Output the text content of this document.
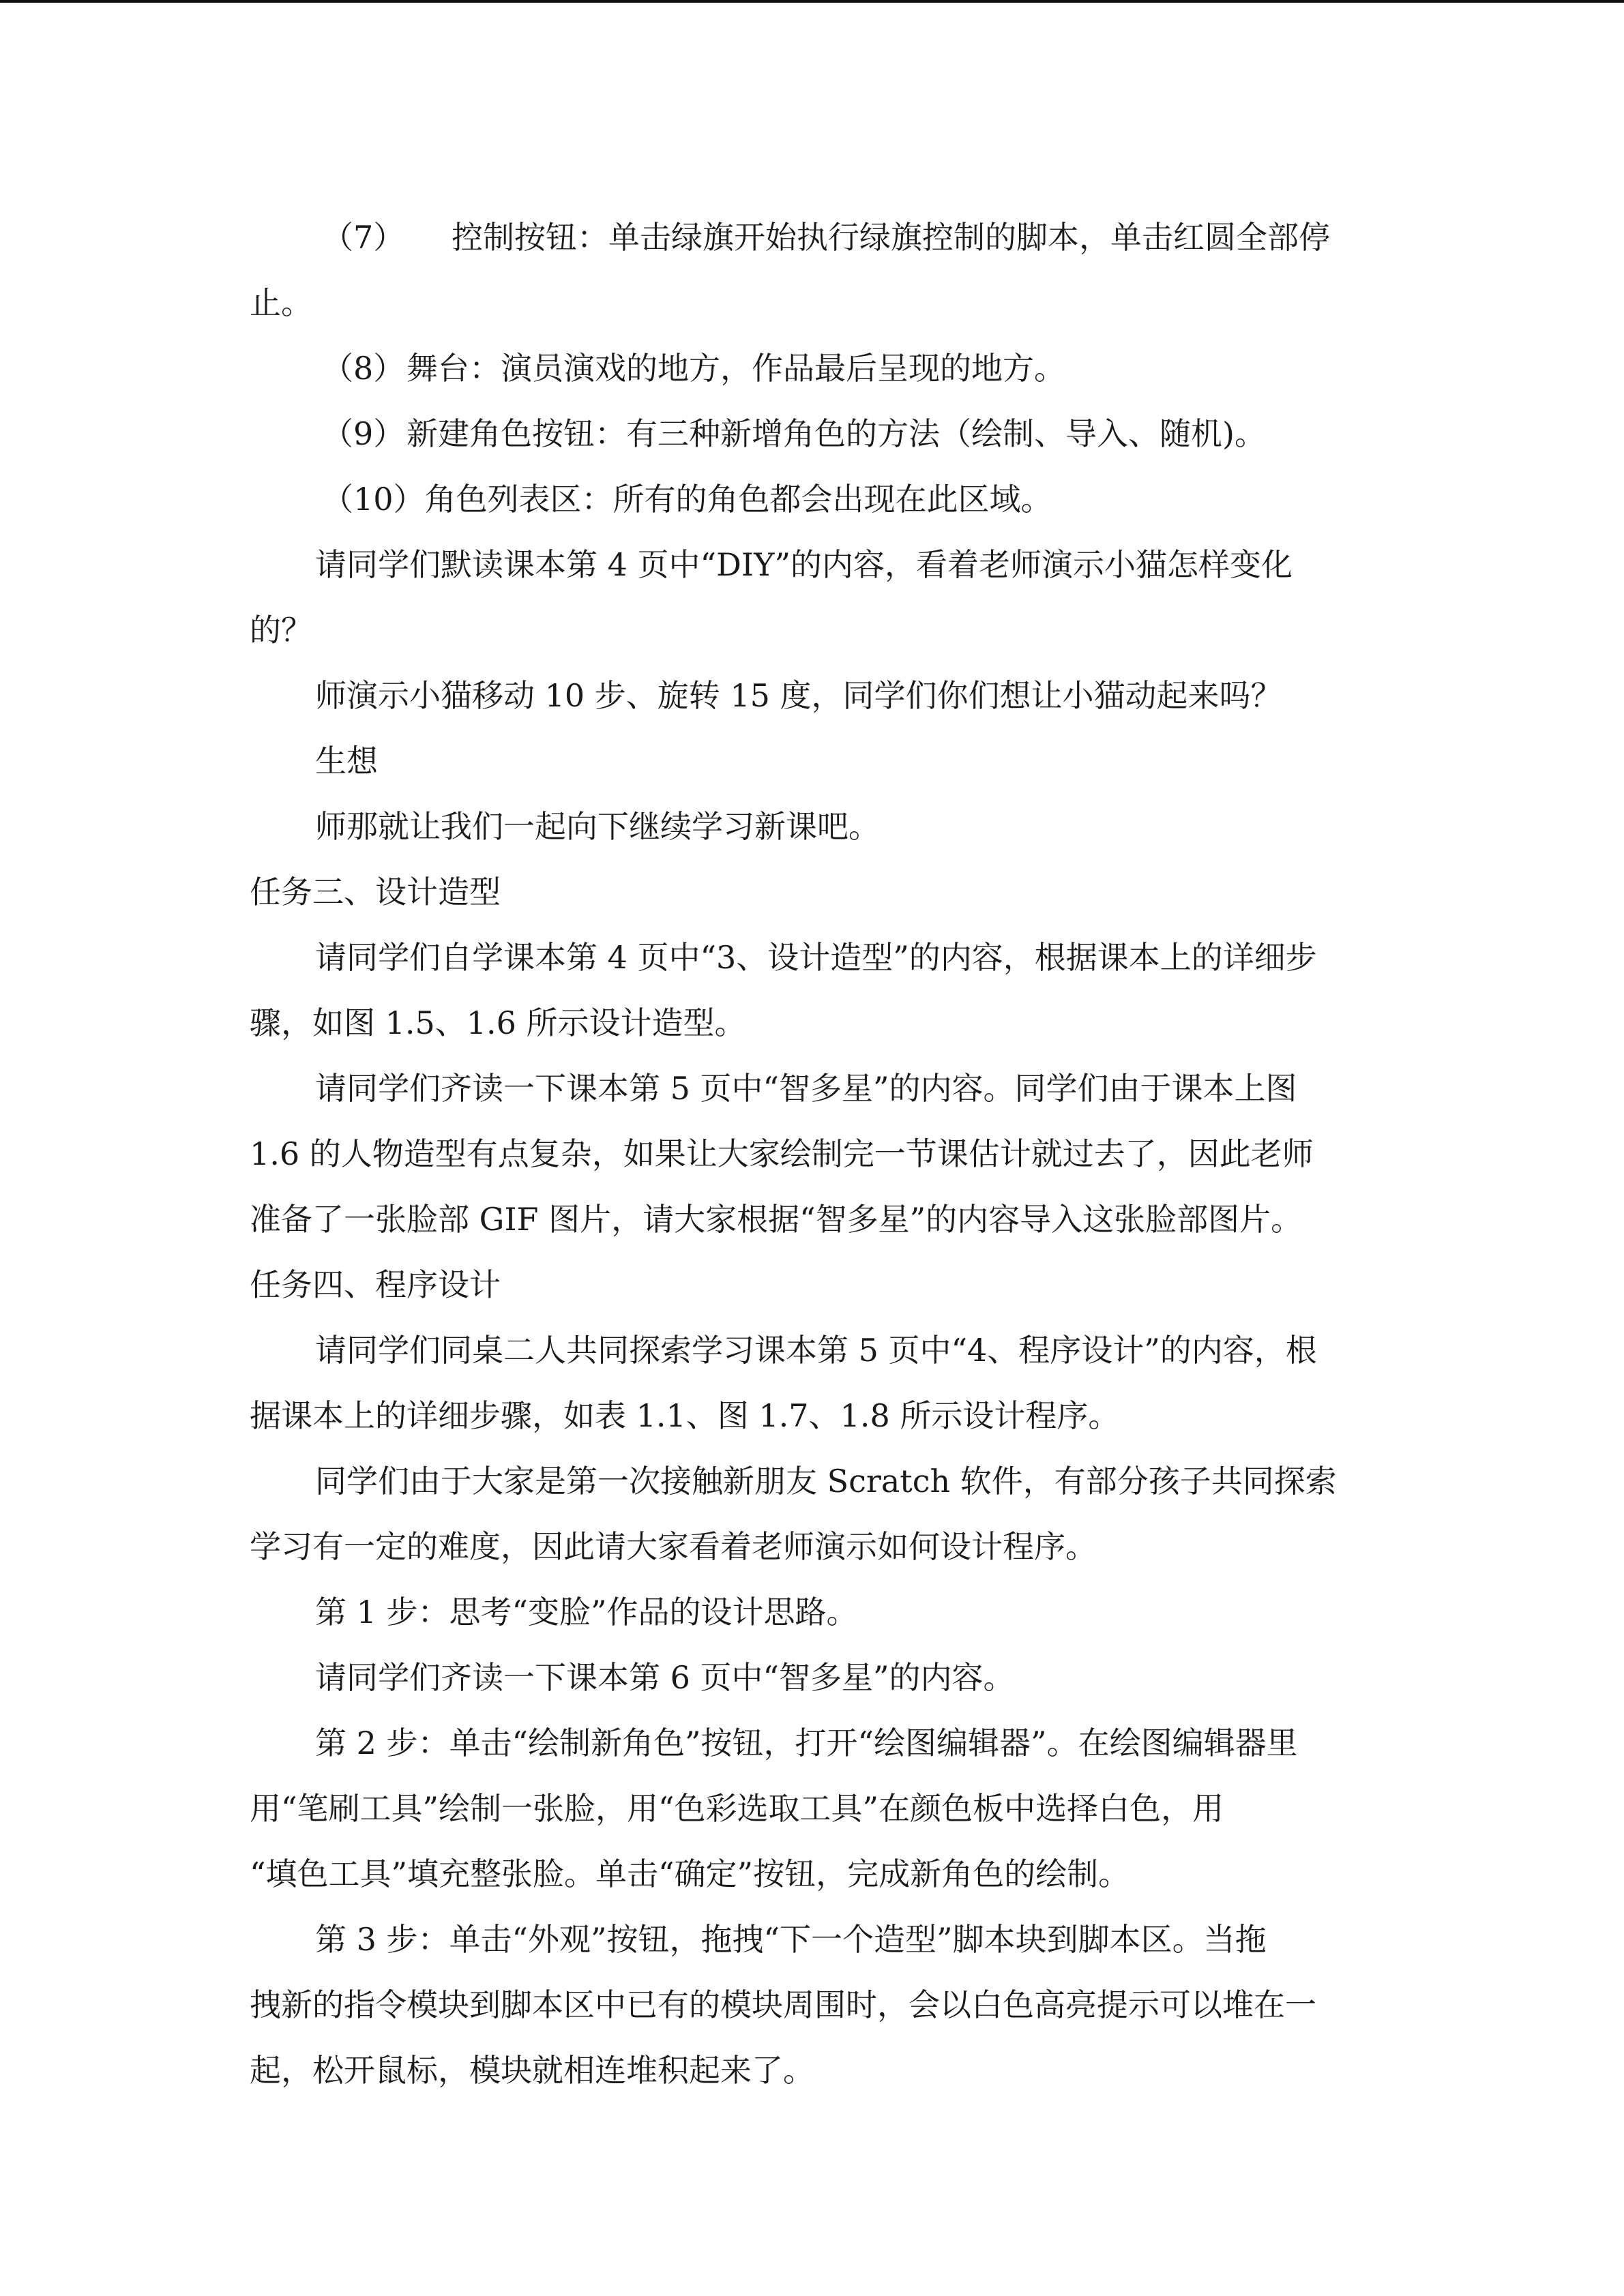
（7） 控制按钮：单击绿旗开始执行绿旗控制的脚本，单击红圆全部停

止。

（8）舞台：演员演戏的地方，作品最后呈现的地方。
（9）新建角色按钮：有三种新增角色的方法（绘制、导入、随机)。
（10）角色列表区：所有的角色都会出现在此区域。

请同学们默读课本第 4 页中“DIY”的内容，看着老师演示小猫怎样变化

的？

师演示小猫移动 10 步、旋转 15 度，同学们你们想让小猫动起来吗？

生想

师那就让我们一起向下继续学习新课吧。

任务三、设计造型

请同学们自学课本第 4 页中“3、设计造型”的内容，根据课本上的详细步

骤，如图 1.5、1.6 所示设计造型。

请同学们齐读一下课本第 5 页中“智多星”的内容。同学们由于课本上图

1.6 的人物造型有点复杂，如果让大家绘制完一节课估计就过去了，因此老师

准备了一张脸部 GIF 图片，请大家根据“智多星”的内容导入这张脸部图片。

任务四、程序设计

请同学们同桌二人共同探索学习课本第 5 页中“4、程序设计”的内容，根

据课本上的详细步骤，如表 1.1、图 1.7、1.8 所示设计程序。

同学们由于大家是第一次接触新朋友 Scratch 软件，有部分孩子共同探索

学习有一定的难度，因此请大家看着老师演示如何设计程序。

第 1 步：思考“变脸”作品的设计思路。

请同学们齐读一下课本第 6 页中“智多星”的内容。

第 2 步：单击“绘制新角色”按钮，打开“绘图编辑器”。在绘图编辑器里

用“笔刷工具”绘制一张脸，用“色彩选取工具”在颜色板中选择白色，用

“填色工具”填充整张脸。单击“确定”按钮，完成新角色的绘制。

第 3 步：单击“外观”按钮，拖拽“下一个造型”脚本块到脚本区。当拖

拽新的指令模块到脚本区中已有的模块周围时，会以白色高亮提示可以堆在一

起，松开鼠标，模块就相连堆积起来了。
